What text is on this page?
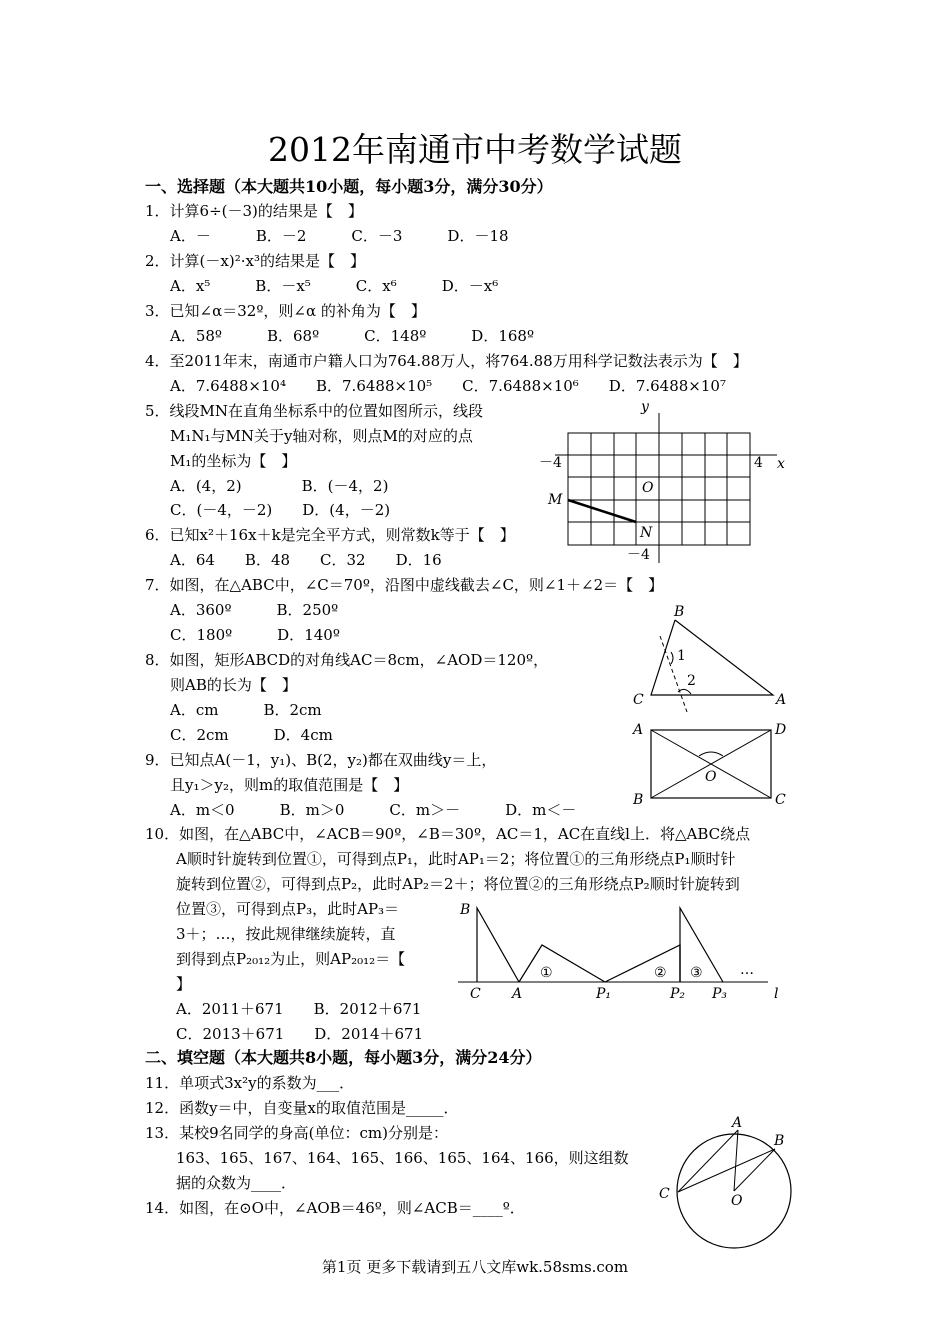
2012年南通市中考数学试题
一、选择题（本大题共10小题，每小题3分，满分30分）
1．计算6÷(－3)的结果是【　】
A．－　　　B．－2　　　C．－3　　　D．－18
2．计算(－x)²·x³的结果是【　】
A．x⁵　　　B．－x⁵　　　C．x⁶　　　D．－x⁶
3．已知∠α＝32º，则∠α 的补角为【　】
A．58º　　　B．68º　　　C．148º　　　D．168º
4．至2011年末，南通市户籍人口为764.88万人，将764.88万用科学记数法表示为【　】
A．7.6488×10⁴　　B．7.6488×10⁵　　C．7.6488×10⁶　　D．7.6488×10⁷
5．线段MN在直角坐标系中的位置如图所示，线段
M₁N₁与MN关于y轴对称，则点M的对应的点
M₁的坐标为【　】
A．(4，2)　　　　B．(－4，2)
C．(－4，－2)　　D．(4，－2)
6．已知x²＋16x＋k是完全平方式，则常数k等于【　】
A．64　　B．48　　C．32　　D．16
7．如图，在△ABC中，∠C＝70º，沿图中虚线截去∠C，则∠1＋∠2＝【　】
A．360º　　　B．250º
C．180º　　　D．140º
8．如图，矩形ABCD的对角线AC＝8cm，∠AOD＝120º，
则AB的长为【　】
A．cm　　　B．2cm
C．2cm　　　D．4cm
9．已知点A(－1，y₁)、B(2，y₂)都在双曲线y＝上，
且y₁＞y₂，则m的取值范围是【　】
A．m＜0　　　B．m＞0　　　C．m＞－　　　D．m＜－
10．如图，在△ABC中，∠ACB＝90º，∠B＝30º，AC＝1，AC在直线l上．将△ABC绕点
A顺时针旋转到位置①，可得到点P₁，此时AP₁＝2；将位置①的三角形绕点P₁顺时针
旋转到位置②，可得到点P₂，此时AP₂＝2＋；将位置②的三角形绕点P₂顺时针旋转到
位置③，可得到点P₃，此时AP₃＝
3＋；…，按此规律继续旋转，直
到得到点P₂₀₁₂为止，则AP₂₀₁₂＝【
】
A．2011＋671　　B．2012＋671
C．2013＋671　　D．2014＋671
二、填空题（本大题共8小题，每小题3分，满分24分）
11．单项式3x²y的系数为___．
12．函数y＝中，自变量x的取值范围是_____．
13．某校9名同学的身高(单位：cm)分别是：
163、165、167、164、165、166、165、164、166，则这组数
据的众数为____．
14．如图，在⊙O中，∠AOB＝46º，则∠ACB＝____º．
y
x
－4	4
O
M
N
－4
B
1
2
C	A
A	D
O
B	C
B
C A
①	② ③	…
P₁	P₂ P₃	l
A
B
C	O
第1页 更多下载请到五八文库wk.58sms.com
